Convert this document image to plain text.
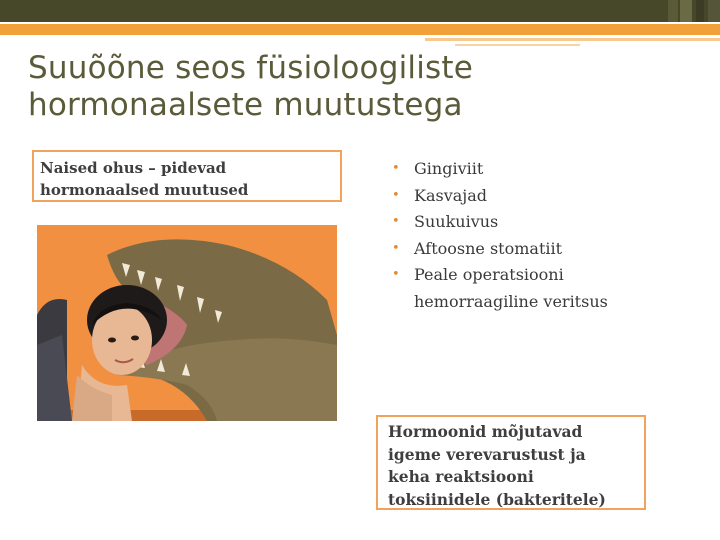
Suuõõne seos füsioloogiliste
hormonaalsete muutustega
Naised ohus – pidevad
hormonaalsed muutused
• Gingiviit
• Kasvajad
• Suukuivus
• Aftoosne stomatiit
• Peale operatsiooni
hemorraagiline veritsus
Hormoonid mõjutavad
igeme verevarustust ja
keha reaktsiooni
toksiinidele (bakteritele)
